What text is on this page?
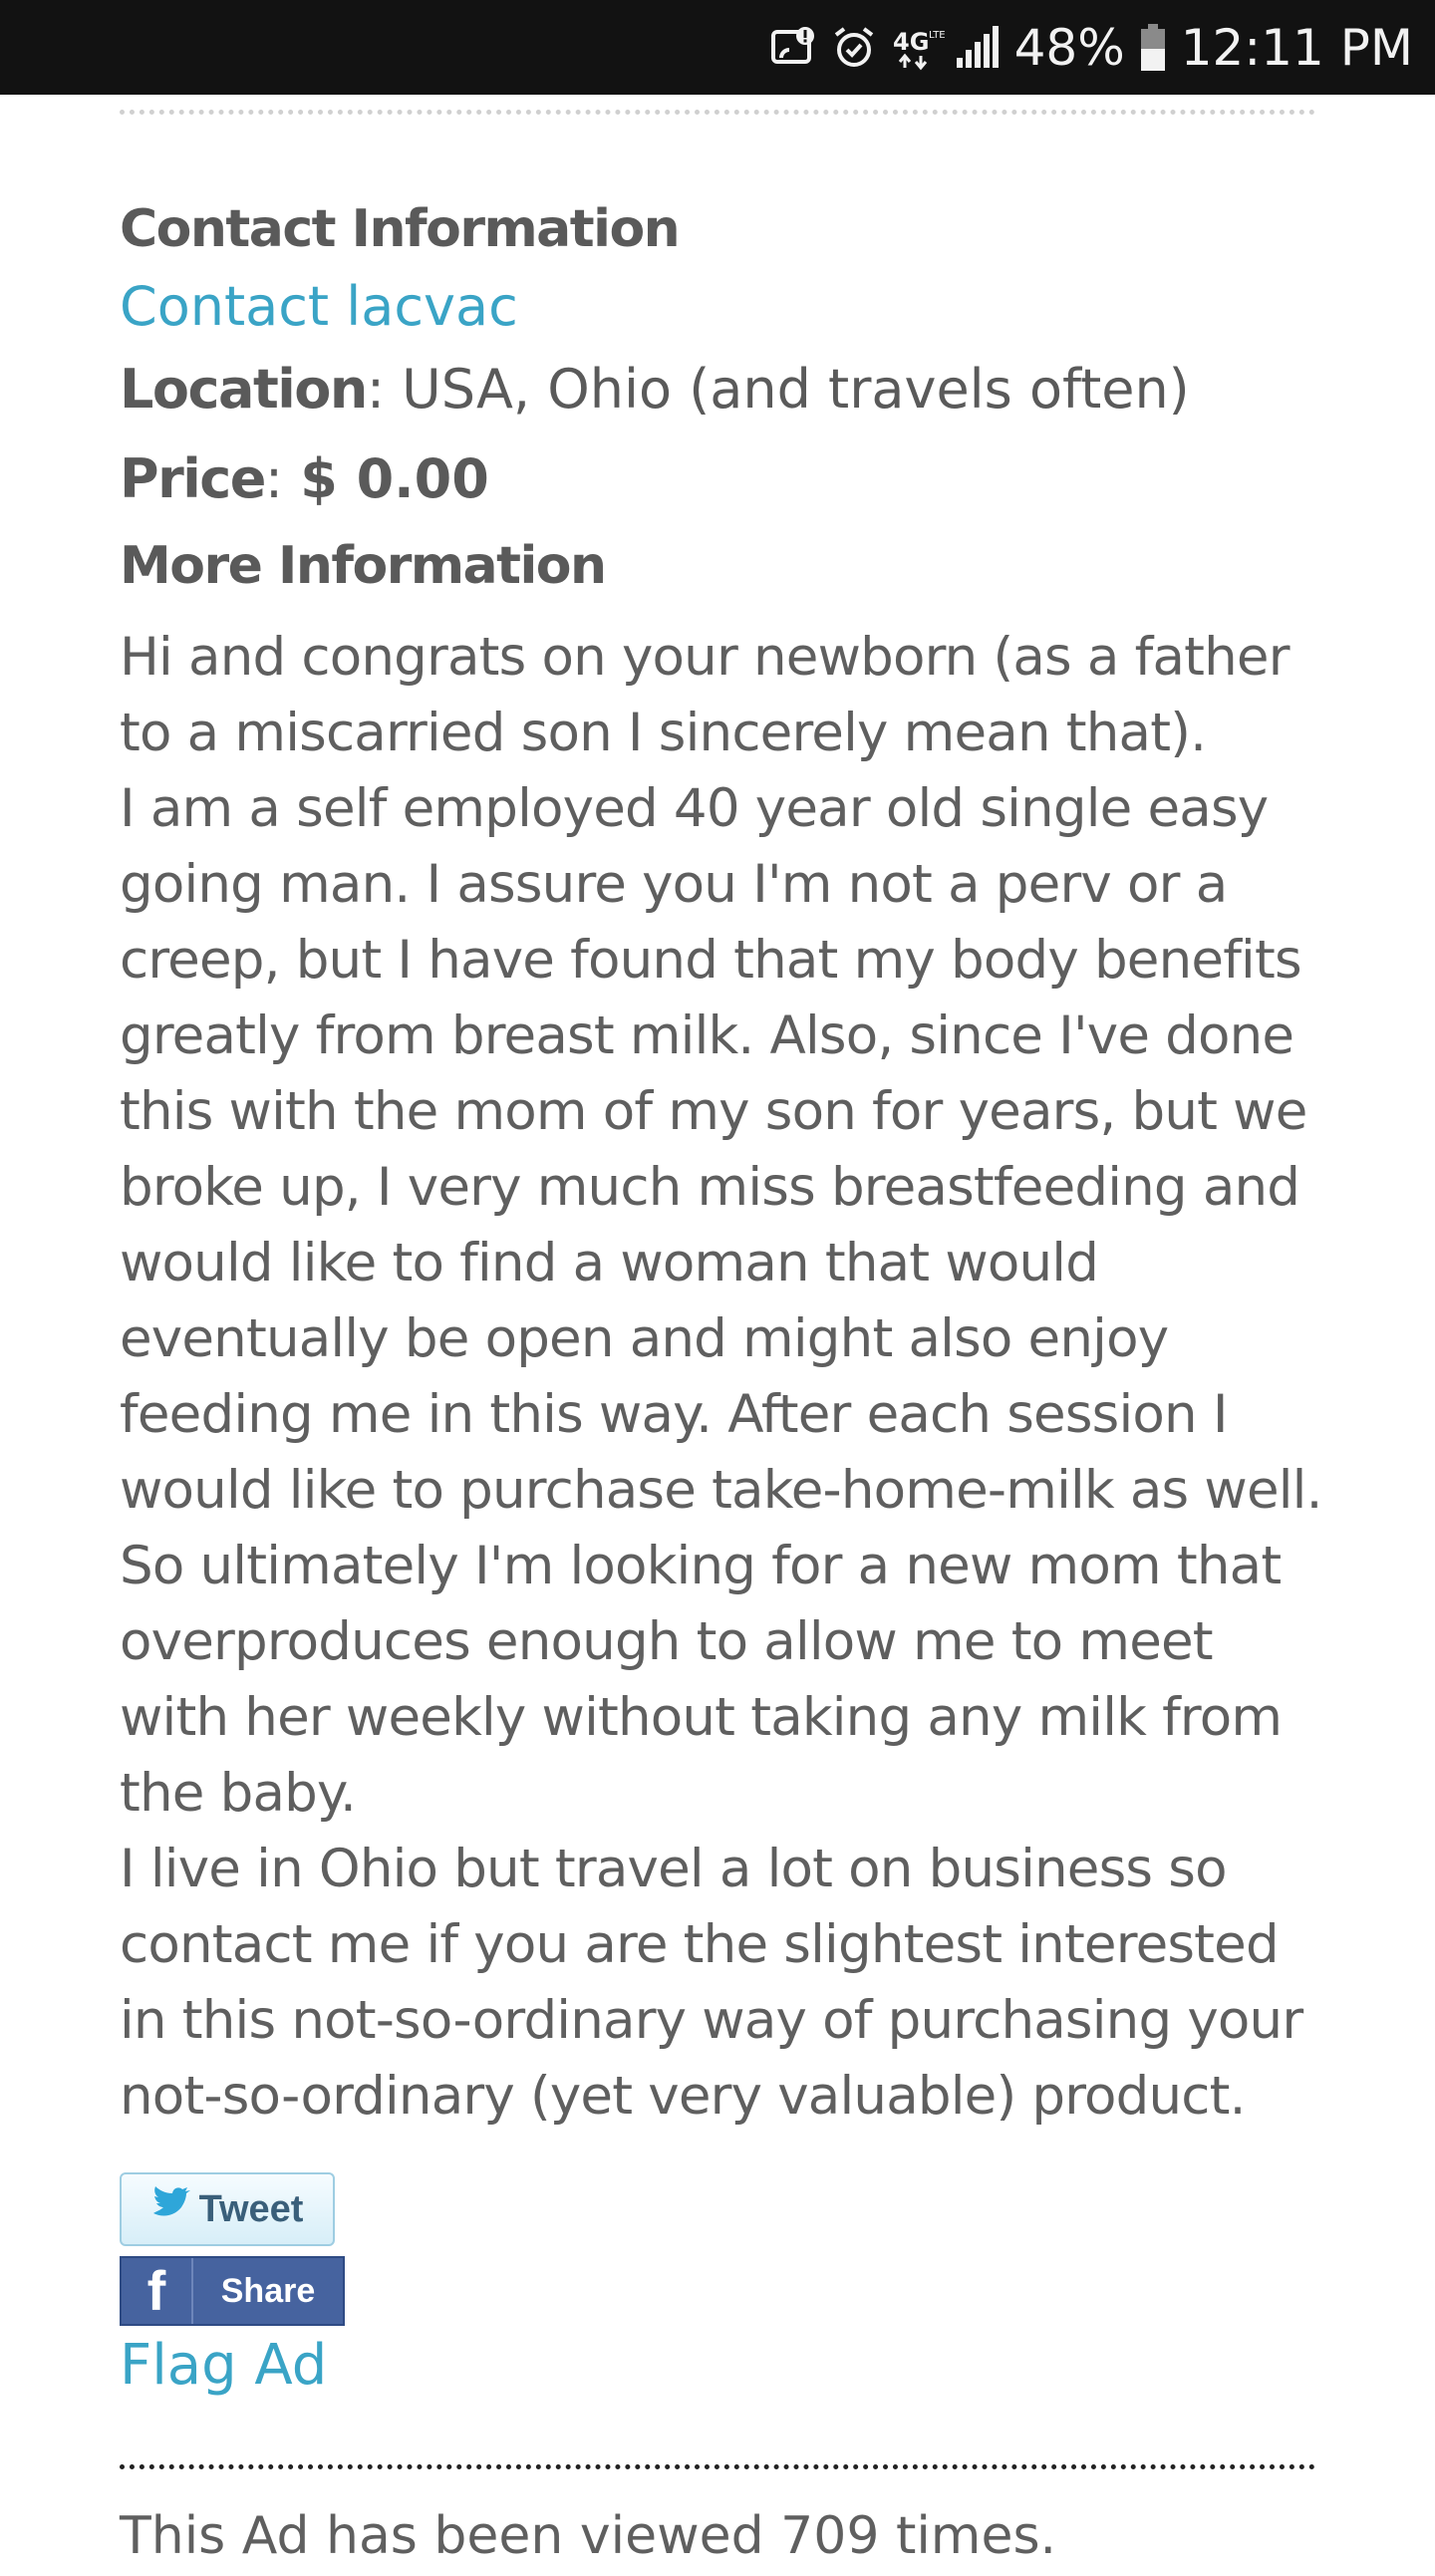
4G LTE 48% 12:11 PM
Contact Information
Contact lacvac
Location: USA, Ohio (and travels often)
Price: $ 0.00
More Information

Hi and congrats on your newborn (as a father to a miscarried son I sincerely mean that).

I am a self employed 40 year old single easy going man. I assure you I'm not a perv or a creep, but I have found that my body benefits greatly from breast milk. Also, since I've done this with the mom of my son for years, but we broke up, I very much miss breastfeeding and would like to find a woman that would eventually be open and might also enjoy feeding me in this way. After each session I would like to purchase take-home-milk as well. So ultimately I'm looking for a new mom that overproduces enough to allow me to meet with her weekly without taking any milk from the baby.

I live in Ohio but travel a lot on business so contact me if you are the slightest interested in this not-so-ordinary way of purchasing your not-so-ordinary (yet very valuable) product.

Tweet
f	Share
Flag Ad
This Ad has been viewed 709 times.
